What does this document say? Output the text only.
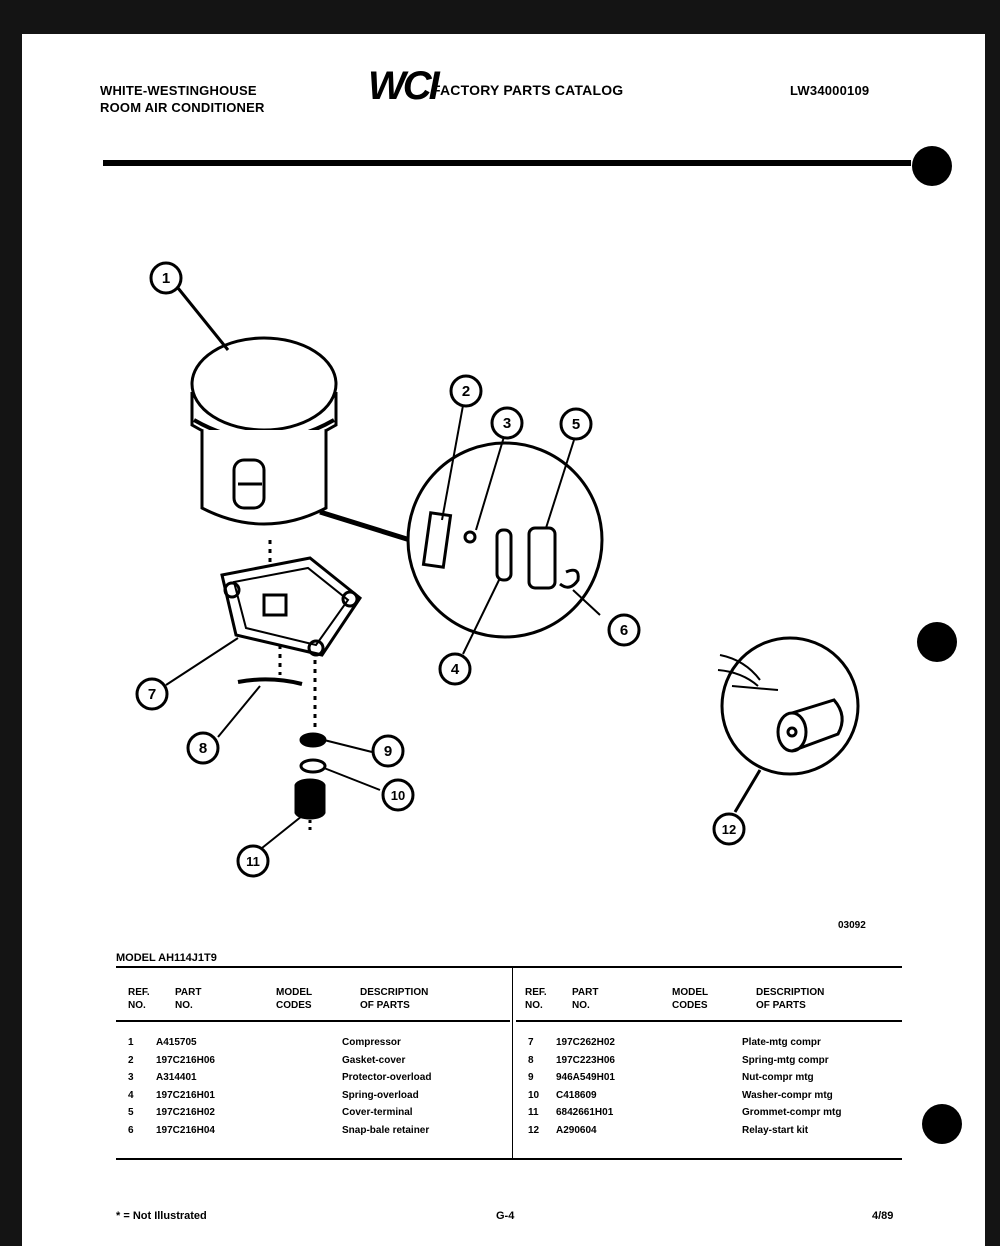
WHITE-WESTINGHOUSE
ROOM AIR CONDITIONER	WCI
FACTORY PARTS CATALOG	LW34000109
1
2
3
4
5
6
7
8	9
10
11
12
03092
MODEL AH114J1T9
REF.
NO.
PART
NO.
MODEL
CODES
DESCRIPTION
OF PARTS
REF.
NO.
PART
NO.
MODEL
CODES
DESCRIPTION
OF PARTS
1	A415705	Compressor
2	197C216H06	Gasket-cover
3	A314401	Protector-overload
4	197C216H01	Spring-overload
5	197C216H02	Cover-terminal
6	197C216H04	Snap-bale retainer
7	197C262H02	Plate-mtg compr
8	197C223H06	Spring-mtg compr
9	946A549H01	Nut-compr mtg
10	C418609	Washer-compr mtg
11	6842661H01	Grommet-compr mtg
12	A290604	Relay-start kit
* = Not Illustrated	G-4	4/89
